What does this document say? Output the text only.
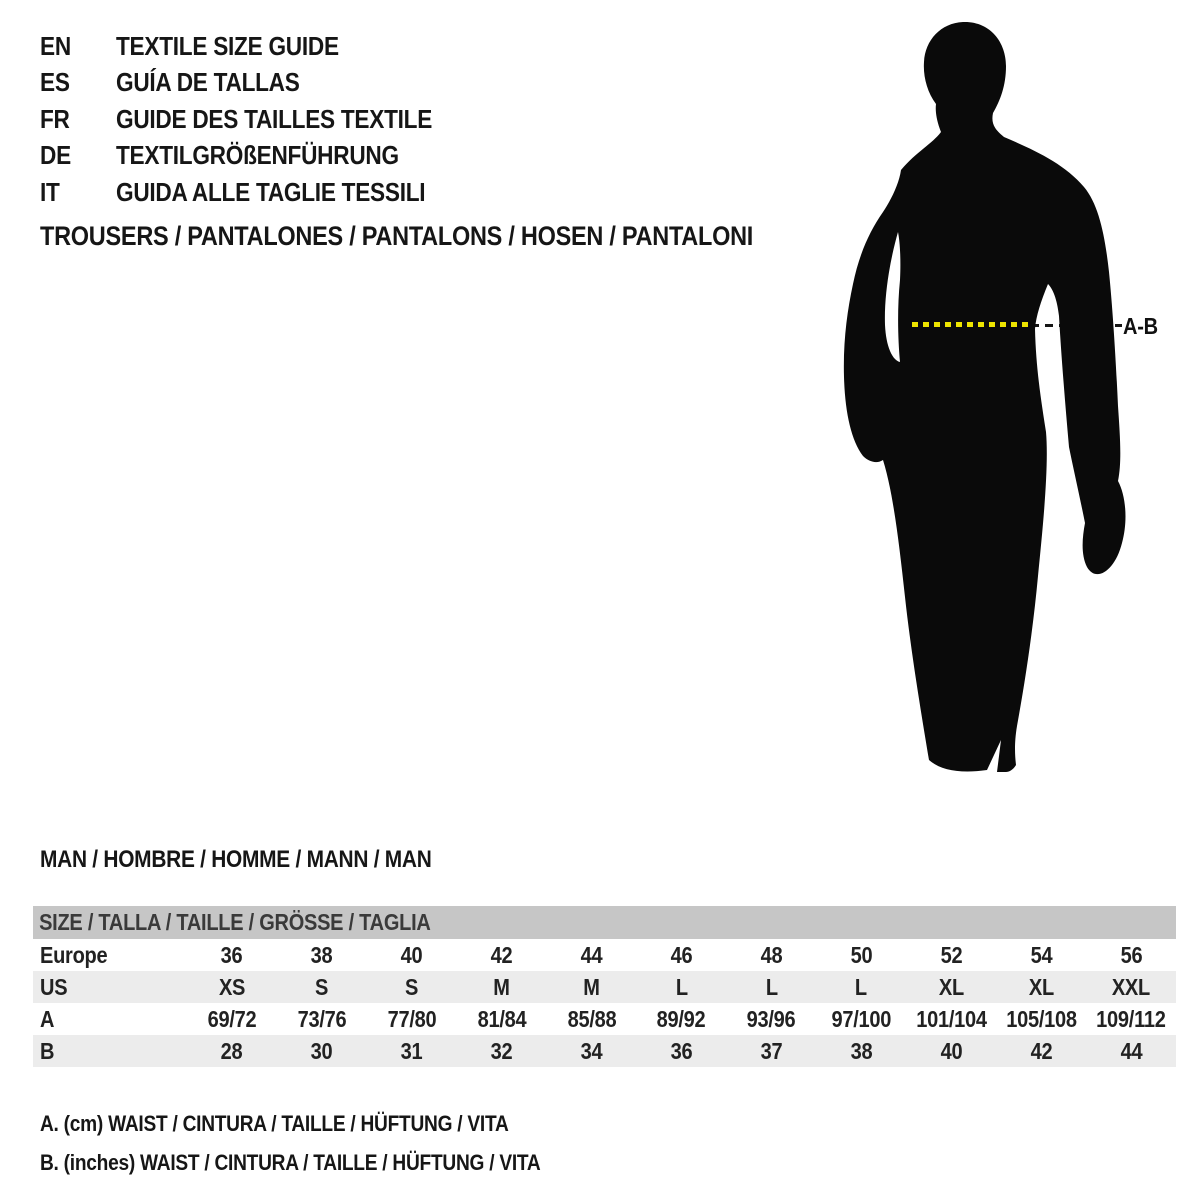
EN	TEXTILE SIZE GUIDE
ES	GUÍA DE TALLAS
FR	GUIDE DES TAILLES TEXTILE
DE	TEXTILGRÖßENFÜHRUNG
IT	GUIDA ALLE TAGLIE TESSILI
TROUSERS / PANTALONES / PANTALONS / HOSEN / PANTALONI
A-B
MAN / HOMBRE / HOMME / MANN / MAN
SIZE / TALLA / TAILLE / GRÖSSE / TAGLIA
Europe	36	38	40	42	44	46	48	50	52	54	56
US	XS	S	S	M	M	L	L	L	XL	XL	XXL
A	69/72	73/76	77/80	81/84	85/88	89/92	93/96	97/100	101/104 105/108 109/112
B	28	30	31	32	34	36	37	38	40	42	44
A. (cm) WAIST / CINTURA / TAILLE / HÜFTUNG / VITA
B. (inches) WAIST / CINTURA / TAILLE / HÜFTUNG / VITA
